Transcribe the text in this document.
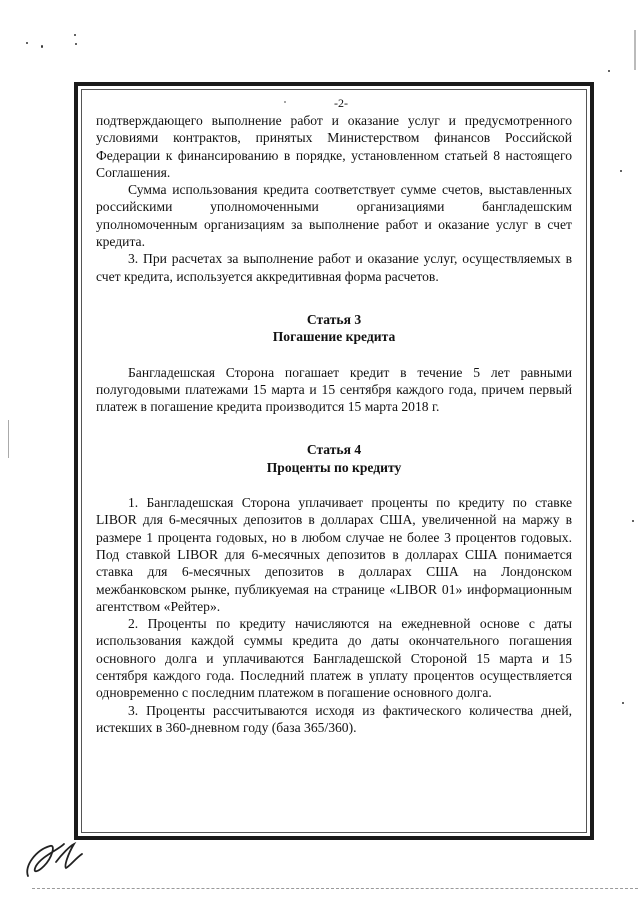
-2-

подтверждающего выполнение работ и оказание услуг и предусмотренного условиями контрактов, принятых Министерством финансов Российской Федерации к финансированию в порядке, установленном статьей 8 настоящего Соглашения.

Сумма использования кредита соответствует сумме счетов, выставленных российскими уполномоченными организациями бангладешским уполномоченным организациям за выполнение работ и оказание услуг в счет кредита.

3. При расчетах за выполнение работ и оказание услуг, осуществляемых в счет кредита, используется аккредитивная форма расчетов.

Статья 3
Погашение кредита

Бангладешская Сторона погашает кредит в течение 5 лет равными полугодовыми платежами 15 марта и 15 сентября каждого года, причем первый платеж в погашение кредита производится 15 марта 2018 г.

Статья 4
Проценты по кредиту

1. Бангладешская Сторона уплачивает проценты по кредиту по ставке LIBOR для 6-месячных депозитов в долларах США, увеличенной на маржу в размере 1 процента годовых, но в любом случае не более 3 процентов годовых. Под ставкой LIBOR для 6-месячных депозитов в долларах США понимается ставка для 6-месячных депозитов в долларах США на Лондонском межбанковском рынке, публикуемая на странице «LIBOR 01» информационным агентством «Рейтер».

2. Проценты по кредиту начисляются на ежедневной основе с даты использования каждой суммы кредита до даты окончательного погашения основного долга и уплачиваются Бангладешской Стороной 15 марта и 15 сентября каждого года. Последний платеж в уплату процентов осуществляется одновременно с последним платежом в погашение основного долга.

3. Проценты рассчитываются исходя из фактического количества дней, истекших в 360-дневном году (база 365/360).
